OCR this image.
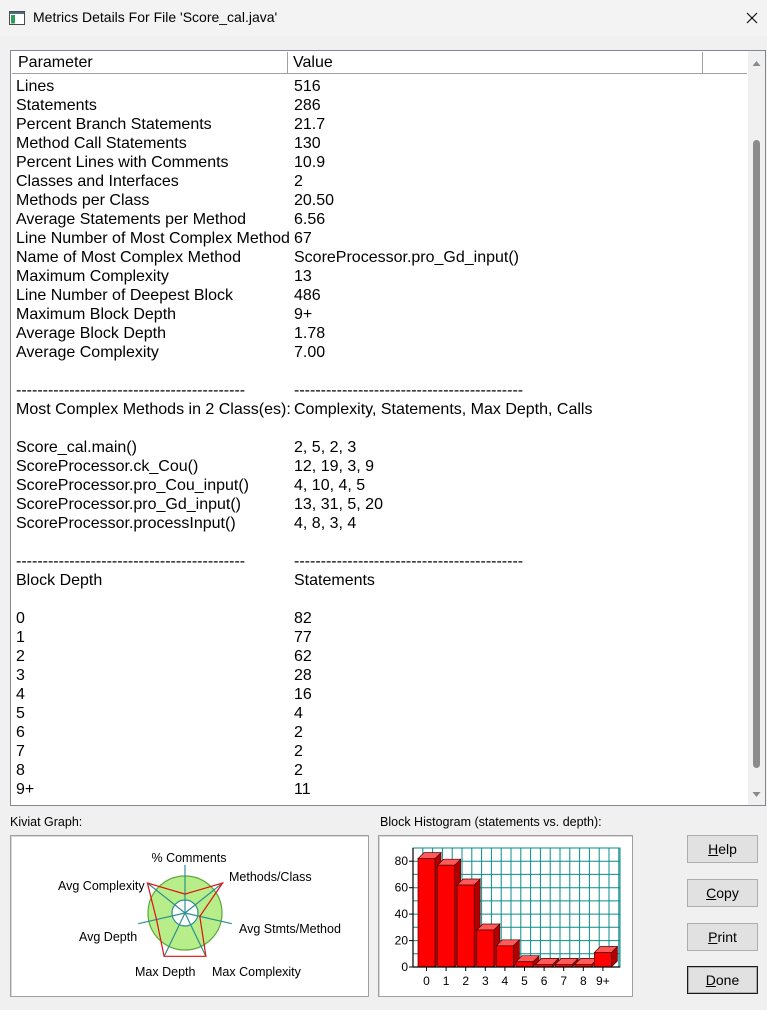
Metrics Details For File 'Score_cal.java'
Parameter	Value
Lines	516
Statements	286
Percent Branch Statements	21.7
Method Call Statements	130
Percent Lines with Comments	10.9
Classes and Interfaces	2
Methods per Class	20.50
Average Statements per Method	6.56
Line Number of Most Complex Method 67
Name of Most Complex Method	ScoreProcessor.pro_Gd_input()
Maximum Complexity	13
Line Number of Deepest Block	486
Maximum Block Depth	9+
Average Block Depth	1.78
Average Complexity	7.00
-------------------------------------------	-------------------------------------------
Most Complex Methods in 2 Class(es): Complexity, Statements, Max Depth, Calls
Score_cal.main()	2, 5, 2, 3
ScoreProcessor.ck_Cou()	12, 19, 3, 9
ScoreProcessor.pro_Cou_input()	4, 10, 4, 5
ScoreProcessor.pro_Gd_input()	13, 31, 5, 20
ScoreProcessor.processInput()	4, 8, 3, 4
-------------------------------------------	-------------------------------------------
Block Depth	Statements
0	82
1	77
2	62
3	28
4	16
5	4
6	2
7	2
8	2
9+	11
Kiviat Graph:	Block Histogram (statements vs. depth):
% Comments
Methods/Class
Avg Stmts/Method
Max Complexity
Max Depth
Avg Depth
Avg Complexity
0 1 2 3 4 5 6 7 8 9+
0
20
40
60
80
Help
Copy
Print
Done
